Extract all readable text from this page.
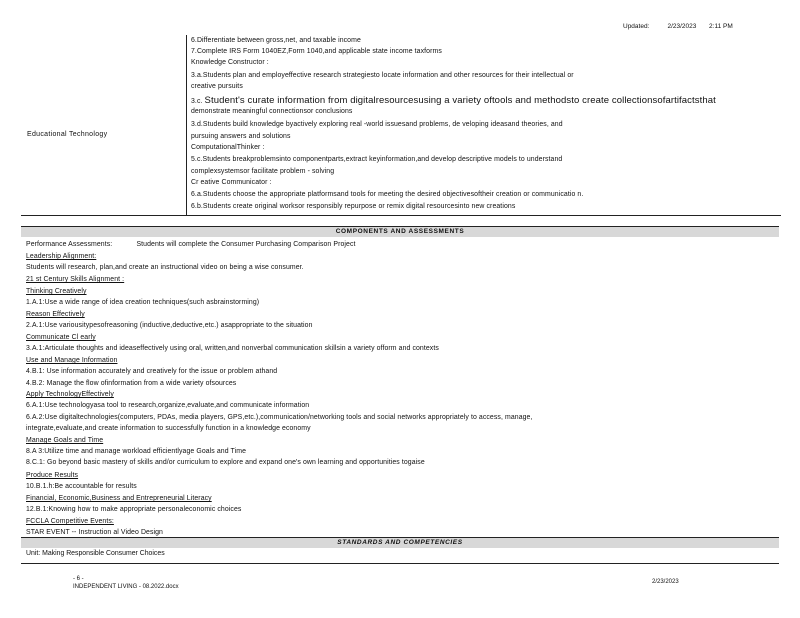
Updated:	2/23/2023 2:11 PM
Educational Technology
6.Differentiate between gross,net, and taxable income
7.Complete IRS Form 1040EZ,Form 1040,and applicable state income taxforms
Knowledge Constructor :
3.a.Students plan and employeffective research strategiesto locate information and other resources for their intellectual or
creative pursuits
3.c. Student's curate information from digitalresourcesusing a variety oftools and methodsto create collectionsofartifactsthat
demonstrate meaningful connectionsor conclusions
3.d.Students build knowledge byactively exploring real -world issuesand problems, de veloping ideasand theories, and
pursuing answers and solutions
ComputationalThinker :
5.c.Students breakproblemsinto componentparts,extract keyinformation,and develop descriptive models to understand
complexsystemsor facilitate problem - solving
Cr eative Communicator :
6.a.Students choose the appropriate platformsand tools for meeting the desired objectivesoftheir creation or communicatio n.
6.b.Students create original worksor responsibly repurpose or remix digital resourcesinto new creations
COMPONENTS AND ASSESSMENTS
Performance Assessments:	Students will complete the Consumer Purchasing Comparison Project
Leadership Alignment:
Students will research, plan,and create an instructional video on being a wise consumer.
21 st Century Skills Alignment :
Thinking Creatively
1.A.1:Use a wide range of idea creation techniques(such asbrainstorming)
Reason Effectively
2.A.1:Use variousitypesofreasoning (inductive,deductive,etc.) asappropriate to the situation
Communicate Cl early
3.A.1:Articulate thoughts and ideaseffectively using oral, written,and nonverbal communication skillsin a variety ofform and contexts
Use and Manage Information
4.B.1: Use information accurately and creatively for the issue or problem athand
4.B.2: Manage the flow ofinformation from a wide variety ofsources
Apply TechnologyEffectively
6.A.1:Use technologyasa tool to research,organize,evaluate,and communicate information
6.A.2:Use digitaltechnologies(computers, PDAs, media players, GPS,etc.),communication/networking tools and social networks appropriately to access, manage,
integrate,evaluate,and create information to successfully function in a knowledge economy
Manage Goals and Time
8.A 3:Utilize time and manage workload efficientlyage Goals and Time
8.C.1: Go beyond basic mastery of skills and/or curriculum to explore and expand one's own learning and opportunities togaise
Produce Results
10.B.1.h:Be accountable for results
Financial, Economic,Business and Entrepreneurial Literacy
12.B.1:Knowing how to make appropriate personaleconomic choices
FCCLA Competitive Events:
STAR EVENT -- Instruction al Video Design
STANDARDS AND COMPETENCIES
Unit: Making Responsible Consumer Choices
- 6 -
INDEPENDENT LIVING - 08.2022.docx
2/23/2023
